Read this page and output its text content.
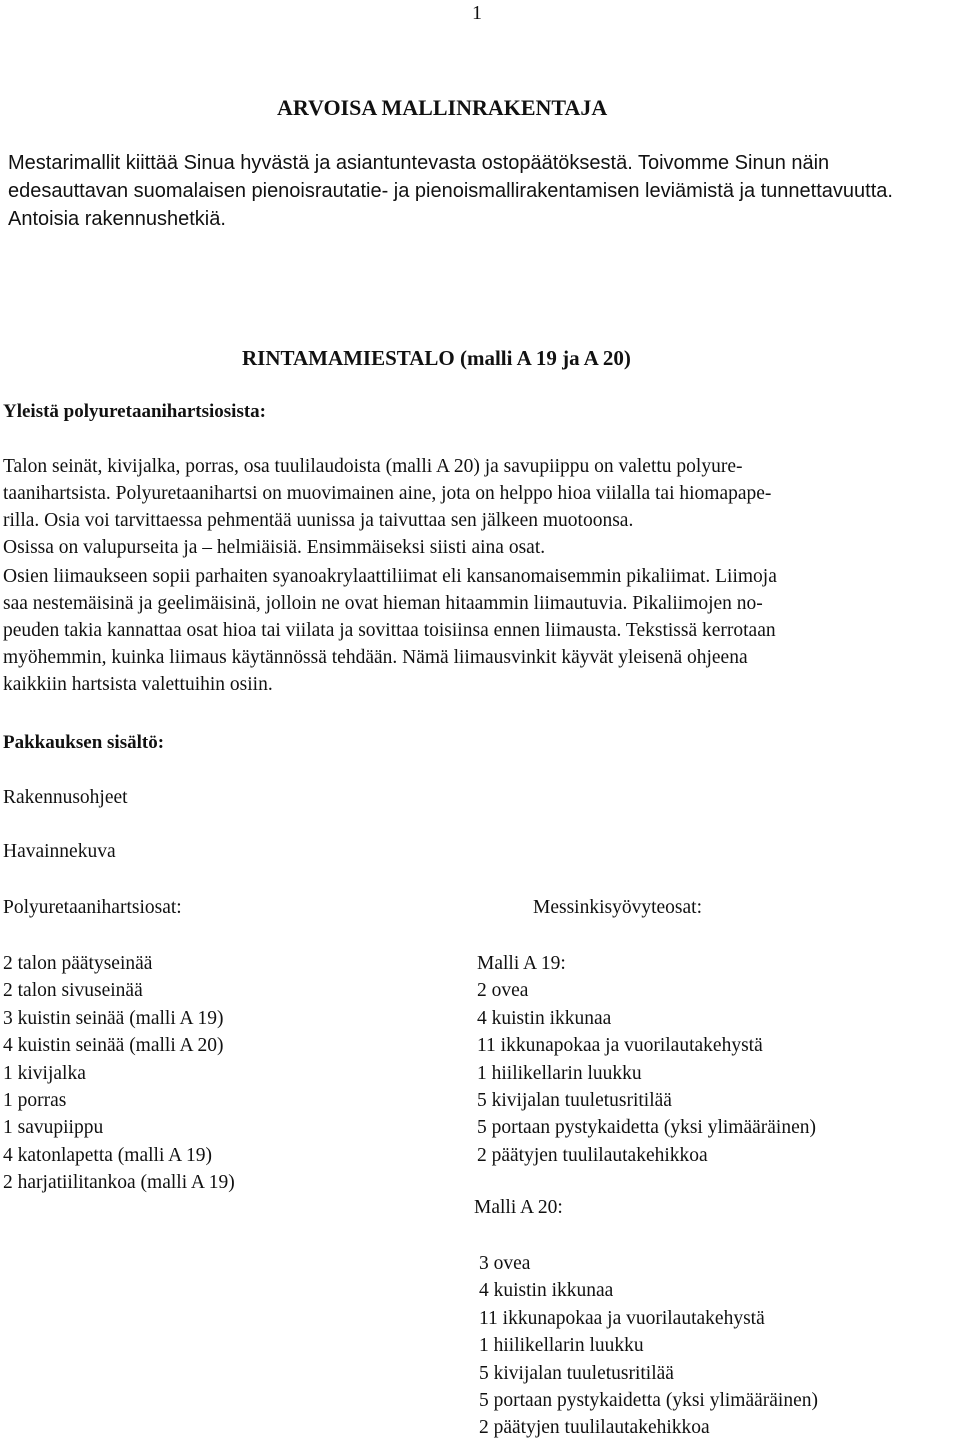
1
ARVOISA MALLINRAKENTAJA
Mestarimallit kiittää Sinua hyvästä ja asiantuntevasta ostopäätöksestä. Toivomme Sinun näin
edesauttavan suomalaisen pienoisrautatie- ja pienoismallirakentamisen leviämistä ja tunnettavuutta.
Antoisia rakennushetkiä.
RINTAMAMIESTALO (malli A 19 ja A 20)
Yleistä polyuretaanihartsiosista:
Talon seinät, kivijalka, porras, osa tuulilaudoista (malli A 20) ja savupiippu on valettu polyure-
taanihartsista. Polyuretaanihartsi on muovimainen aine, jota on helppo hioa viilalla tai hiomapape-
rilla. Osia voi tarvittaessa pehmentää uunissa ja taivuttaa sen jälkeen muotoonsa.
Osissa on valupurseita ja – helmiäisiä. Ensimmäiseksi siisti aina osat.
Osien liimaukseen sopii parhaiten syanoakrylaattiliimat eli kansanomaisemmin pikaliimat. Liimoja
saa nestemäisinä ja geelimäisinä, jolloin ne ovat hieman hitaammin liimautuvia. Pikaliimojen no-
peuden takia kannattaa osat hioa tai viilata ja sovittaa toisiinsa ennen liimausta. Tekstissä kerrotaan
myöhemmin, kuinka liimaus käytännössä tehdään. Nämä liimausvinkit käyvät yleisenä ohjeena
kaikkiin hartsista valettuihin osiin.
Pakkauksen sisältö:
Rakennusohjeet
Havainnekuva
Polyuretaanihartsiosat:	Messinkisyövyteosat:
2 talon päätyseinää
2 talon sivuseinää
3 kuistin seinää (malli A 19)
4 kuistin seinää (malli A 20)
1 kivijalka
1 porras
1 savupiippu
4 katonlapetta (malli A 19)
2 harjatiilitankoa (malli A 19)
Malli A 19:
2 ovea
4 kuistin ikkunaa
11 ikkunapokaa ja vuorilautakehystä
1 hiilikellarin luukku
5 kivijalan tuuletusritilää
5 portaan pystykaidetta (yksi ylimääräinen)
2 päätyjen tuulilautakehikkoa
Malli A 20:
3 ovea
4 kuistin ikkunaa
11 ikkunapokaa ja vuorilautakehystä
1 hiilikellarin luukku
5 kivijalan tuuletusritilää
5 portaan pystykaidetta (yksi ylimääräinen)
2 päätyjen tuulilautakehikkoa
